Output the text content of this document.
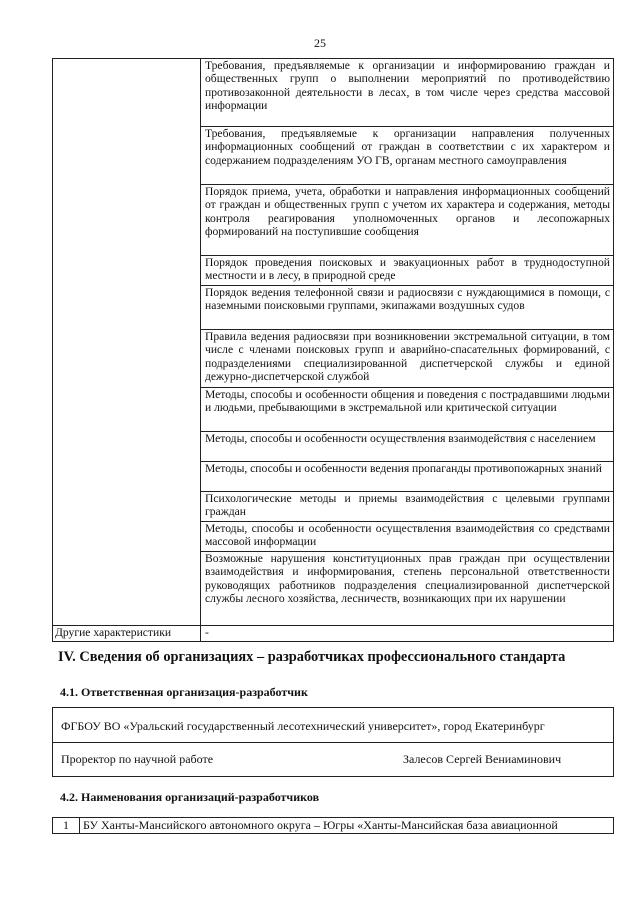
25
	Требования, предъявляемые к организации и информированию граждан и общественных групп о выполнении мероприятий по противодействию противозаконной деятельности в лесах, в том числе через средства массовой информации
	Требования, предъявляемые к организации направления полученных информационных сообщений от граждан в соответствии с их характером и содержанием подразделениям УО ГВ, органам местного самоуправления
	Порядок приема, учета, обработки и направления информационных сообщений от граждан и общественных групп с учетом их характера и содержания, методы контроля реагирования уполномоченных органов и лесопожарных формирований на поступившие сообщения
	Порядок проведения поисковых и эвакуационных работ в труднодоступной местности и в лесу, в природной среде
	Порядок ведения телефонной связи и радиосвязи с нуждающимися в помощи, с наземными поисковыми группами, экипажами воздушных судов
	Правила ведения радиосвязи при возникновении экстремальной ситуации, в том числе с членами поисковых групп и аварийно-спасательных формирований, с подразделениями специализированной диспетчерской службы и единой дежурно-диспетчерской службой
	Методы, способы и особенности общения и поведения с пострадавшими людьми и людьми, пребывающими в экстремальной или критической ситуации
	Методы, способы и особенности осуществления взаимодействия с населением
	Методы, способы и особенности ведения пропаганды противопожарных знаний
	Психологические методы и приемы взаимодействия с целевыми группами граждан
	Методы, способы и особенности осуществления взаимодействия со средствами массовой информации
	Возможные нарушения конституционных прав граждан при осуществлении взаимодействия и информирования, степень персональной ответственности руководящих работников подразделения специализированной диспетчерской службы лесного хозяйства, лесничеств, возникающих при их нарушении
Другие характеристики	-
IV. Сведения об организациях – разработчиках профессионального стандарта
4.1. Ответственная организация-разработчик
ФГБОУ ВО «Уральский государственный лесотехнический университет», город Екатеринбург
Проректор по научной работе	Залесов Сергей Вениаминович
4.2. Наименования организаций-разработчиков
1	БУ Ханты-Мансийского автономного округа – Югры «Ханты-Мансийская база авиационной
